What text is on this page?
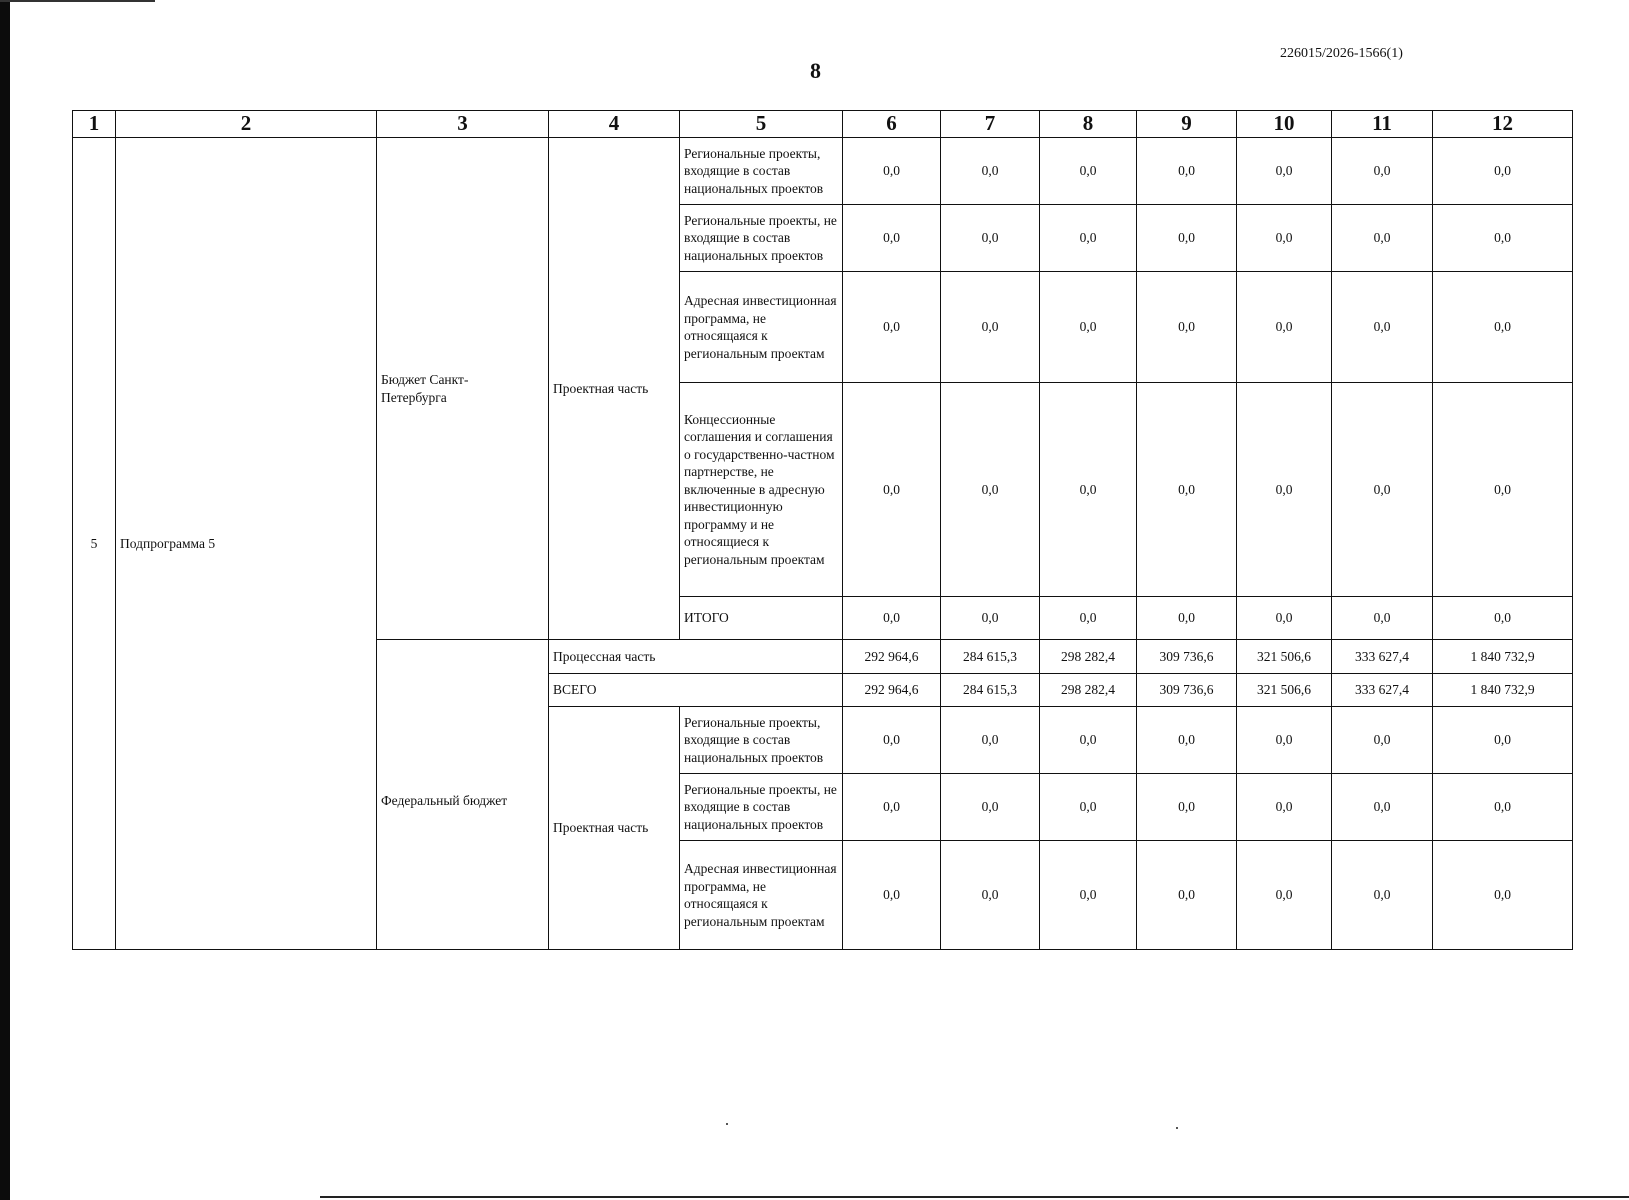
8
226015/2026-1566(1)
1	2	3	4	5	6	7	8	9	10	11	12
5	Подпрограмма 5	Бюджет Санкт-Петербурга	Проектная часть	Региональные проекты, входящие в состав национальных проектов	0,0	0,0	0,0	0,0	0,0	0,0	0,0
				Региональные проекты, не входящие в состав национальных проектов	0,0	0,0	0,0	0,0	0,0	0,0	0,0
				Адресная инвестиционная программа, не относящаяся к региональным проектам	0,0	0,0	0,0	0,0	0,0	0,0	0,0
				Концессионные соглашения и соглашения о государственно-частном партнерстве, не включенные в адресную инвестиционную программу и не относящиеся к региональным проектам	0,0	0,0	0,0	0,0	0,0	0,0	0,0
				ИТОГО	0,0	0,0	0,0	0,0	0,0	0,0	0,0
		Федеральный бюджет	Процессная часть		292 964,6	284 615,3	298 282,4	309 736,6	321 506,6	333 627,4	1 840 732,9
			ВСЕГО		292 964,6	284 615,3	298 282,4	309 736,6	321 506,6	333 627,4	1 840 732,9
			Проектная часть	Региональные проекты, входящие в состав национальных проектов	0,0	0,0	0,0	0,0	0,0	0,0	0,0
				Региональные проекты, не входящие в состав национальных проектов	0,0	0,0	0,0	0,0	0,0	0,0	0,0
				Адресная инвестиционная программа, не относящаяся к региональным проектам	0,0	0,0	0,0	0,0	0,0	0,0	0,0
